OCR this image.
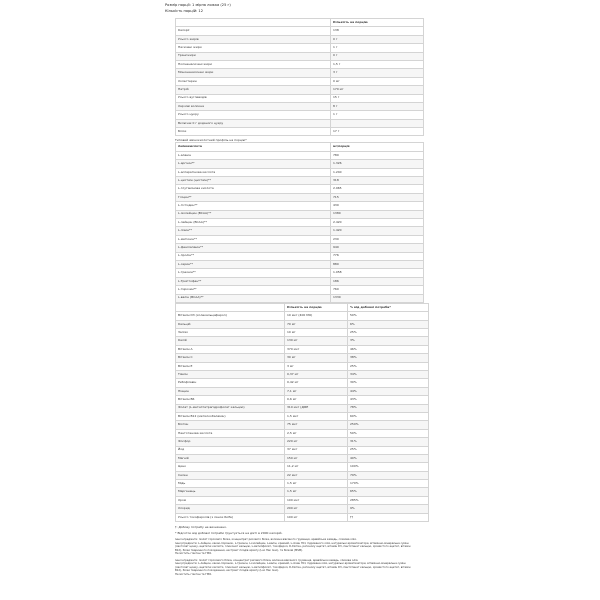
Розмір порції: 1 мірна ложка (25 г)
Кількість порцій: 12
	Кількість на порцію
Калорії	138
Усього жирів	0 г
Насичені жири	1 г
Трансжири	0 г
Поліненасичені жири	1,5 г
Мононенасичені жири	3 г
Холестерин	0 мг
Натрій	170 мг
Усього вуглеводів	15 г
Харчові волокна	8 г
Усього цукру	1 г
Включає 0 г доданого цукру	
Білок	17 г
Типовий амінокислотний профіль на порцію*
Амінокислота	мг/порція
L-аланін	780
L-аргінін**	1.326
L-аспарагінова кислота	1.240
L-цистеїн (цистеїн)**	318
L-глутамінова кислота	2.965
Гліцин**	715
L-гістидин**	430
L-ізолейцин (BCAA)**	1380
L-лейцин (BCAA)**	2.420
L-лізин**	1.420
L-метіонін**	230
L-фенілаланін**	940
L-пролін**	776
L-серин**	880
L-треонін**	1.058
L-Триптофан**	186
L-тирозин**	760
L-валін (BCAA)**	1330
	Кількість на порцію	% від добової потреби*
Вітамін D3 (холекальциферол)	10 мкг (400 МО)	50%
Кальцій	70 мг	6%
Залізо	10 мг	25%
Калій	130 мг	3%
Вітамін A	370 мкг	46%
Вітамін C	30 мг	38%
Вітамін E	3 мг	25%
Тіамін	0,37 мг	34%
Рибофлавін	0,42 мг	30%
Ніацин	7,1 мг	44%
Вітамін B6	0,6 мг	43%
Фолат (L-метилтетрагідрофолат кальцію)	310 мкг (ДФЕ	78%
Вітамін B12 (метилкобаламін)	1,5 мкг	60%
Біотин	75 мкг	250%
Пантотенова кислота	2,5 мг	50%
Фосфор	220 мг	31%
Йод	37 мкг	25%
Магній	150 мг	40%
Цинк	11,2 мг	100%
Селен	22 мкг	79%
Мідь	1,5 мг	170%
Марганець	1,5 мг	65%
Хром	100 мкг	285%
Хлорид	200 мг	9%
Усього токоферолів (з ланок Rolfe)	100 мг	††
†: Добову потребу не визначено.
* Відсоток від добової потреби ґрунтується на дієті в 2000 калорій.
Інші інгредієнти: Ізолят гороховго білка, концентрат рисового білка, волокна вівсяного груменця, аравійська камедь, слизова олія.
Інші ргредієнти: L-лейцин, какао-порошок, L-треонін, L-ізолейцин, L-валін, кремній, L-лізин HCl, гідрованого олія, натуральні ароматизатори, вітамінно-мінеральна суміш (лактолат цинку, ацетатні кислоти, глюконат кальцію, L-метилфолат, токоферол, D-біотин, ретинолу ацетат, вітамін D3, пантотенат кальцію, хромистого ацетат, вітамін B12), білки тваринного походження, екстракт плодів архату (Luo Han Guo), та білкові (MSM).
Не містить глютен та ГМО.
Інші інгредієнти: Ізолят горохового білка, концентрат рисового білка, волокна вівсяного груменця, аравійська камедь, слизова олія.
Інші ргредієнти: L-лейцин, какао-порошок, L-треонін, L-ізолейцин, L-валін, кремній, L-лізин HCl, гідрована олія, натуральні ароматизатори, вітамінно-мінеральна суміш (лактолат цинку, ацетатні кислоти, глюконат кальцію, L-метилфолат, токоферол, D-біотин, ретинолу ацетат, вітамін D3, пантотенат кальцію, хромистого ацетат, вітамін B12), білки тваринного походження, екстракт плодів архату (Luo Han Guo).
Не містить глютен та ГМО.
